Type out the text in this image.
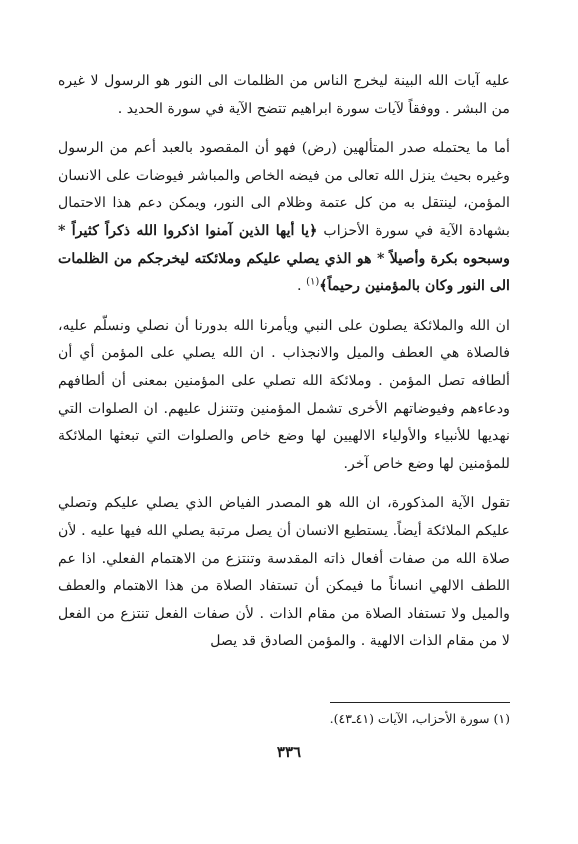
عليه آيات الله البينة ليخرج الناس من الظلمات الى النور هو الرسول لا غيره من البشر . ووفقاً لآيات سورة ابراهيم تتضح الآية في سورة الحديد .

أما ما يحتمله صدر المتألهين (رض) فهو أن المقصود بالعبد أعم من الرسول وغيره بحيث ينزل الله تعالى من فيضه الخاص والمباشر فيوضات على الانسان المؤمن، لينتقل به من كل عتمة وظلام الى النور، ويمكن دعم هذا الاحتمال بشهادة الآية في سورة الأحزاب ﴿يا أيها الذين آمنوا اذكروا الله ذكراً كثيراً * وسبحوه بكرة وأصيلاً * هو الذي يصلي عليكم وملائكته ليخرجكم من الظلمات الى النور وكان بالمؤمنين رحيماً﴾$^{(١)}$ .

ان الله والملائكة يصلون على النبي ويأمرنا الله بدورنا أن نصلي ونسلّم عليه، فالصلاة هي العطف والميل والانجذاب . ان الله يصلي على المؤمن أي أن ألطافه تصل المؤمن . وملائكة الله تصلي على المؤمنين بمعنى أن ألطافهم ودعاءهم وفيوضاتهم الأخرى تشمل المؤمنين وتتنزل عليهم. ان الصلوات التي نهديها للأنبياء والأولياء الالهيين لها وضع خاص والصلوات التي تبعثها الملائكة للمؤمنين لها وضع خاص آخر.

تقول الآية المذكورة، ان الله هو المصدر الفياض الذي يصلي عليكم وتصلي عليكم الملائكة أيضاً. يستطيع الانسان أن يصل مرتبة يصلي الله فيها عليه . لأن صلاة الله من صفات أفعال ذاته المقدسة وتنتزع من الاهتمام الفعلي. اذا عم اللطف الالهي انساناً ما فيمكن أن تستفاد الصلاة من هذا الاهتمام والعطف والميل ولا تستفاد الصلاة من مقام الذات . لأن صفات الفعل تنتزع من الفعل لا من مقام الذات الالهية . والمؤمن الصادق قد يصل

(١) سورة الأحزاب، الآيات (٤١ـ٤٣).
٣٣٦
